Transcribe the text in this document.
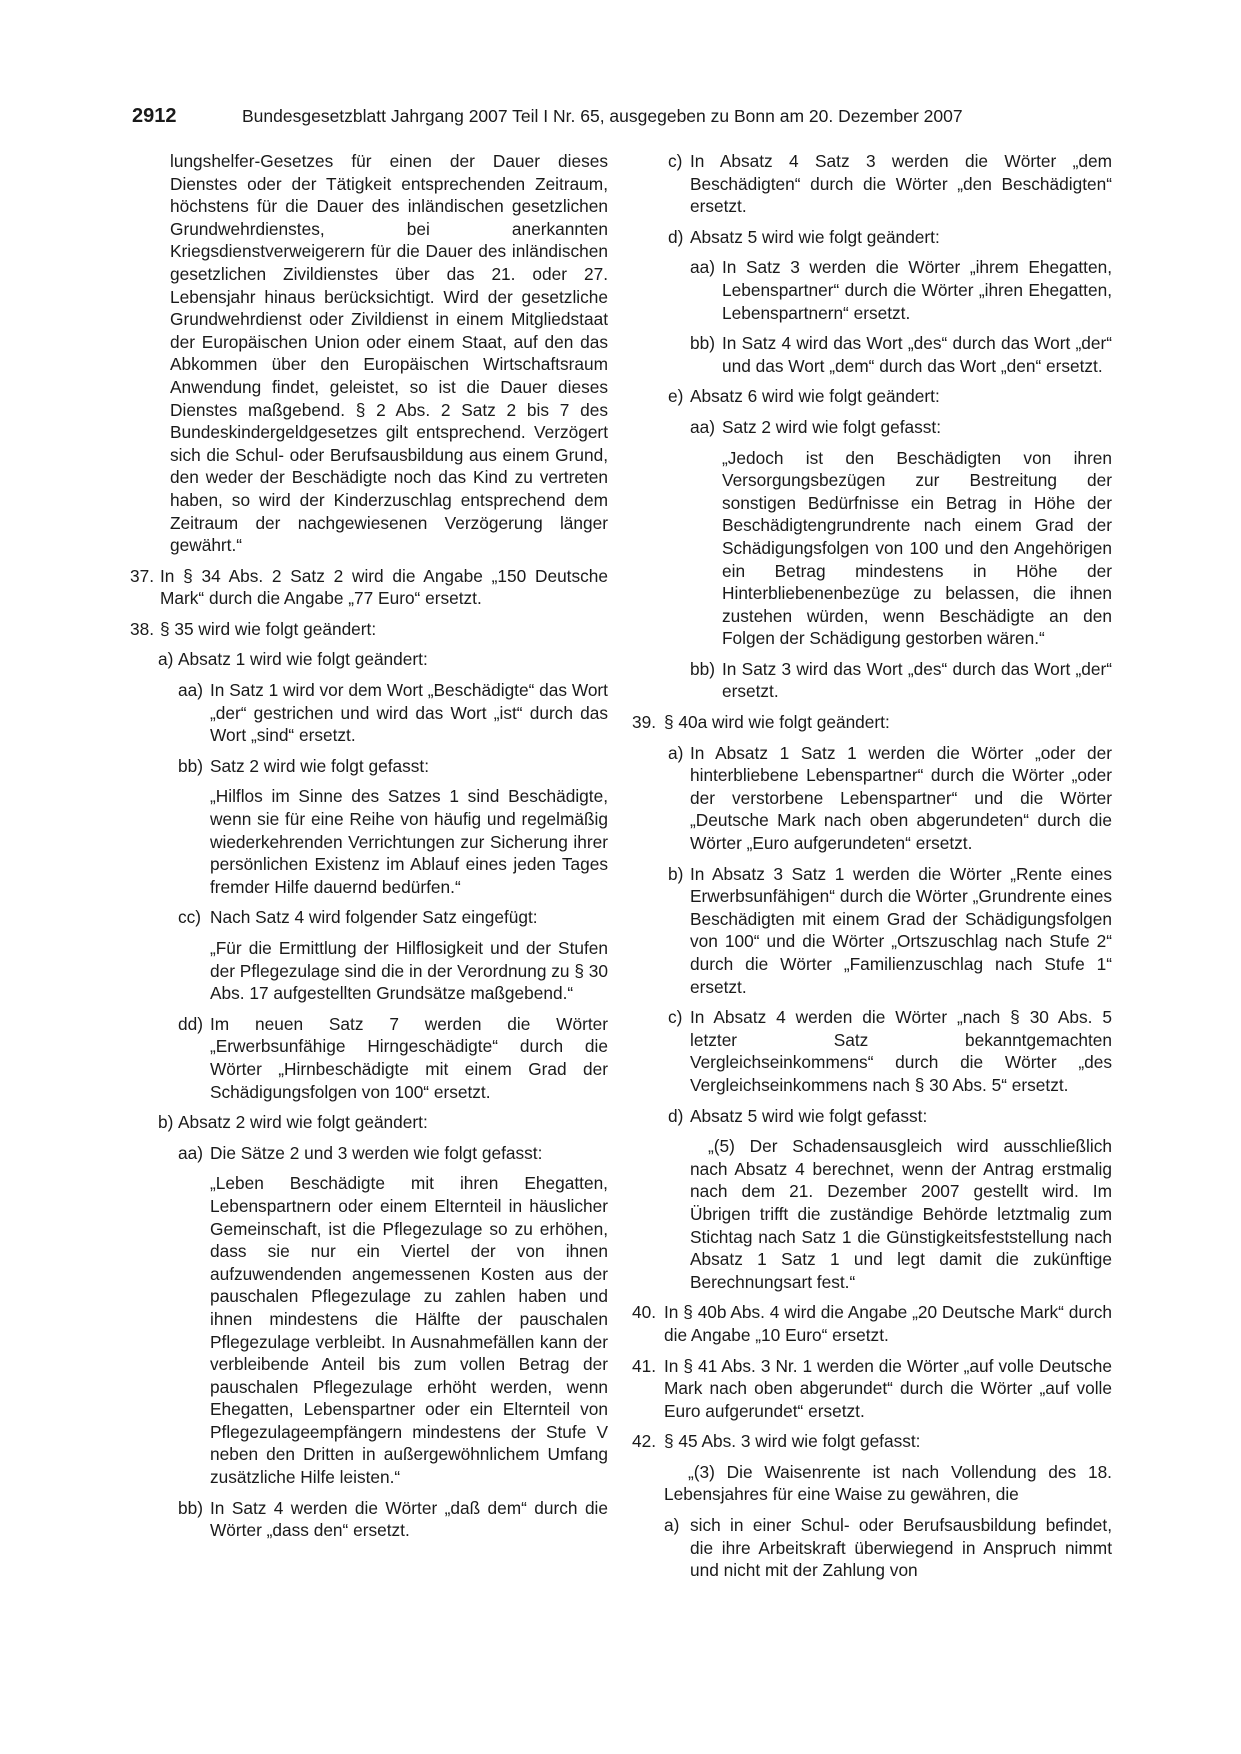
2912	Bundesgesetzblatt Jahrgang 2007 Teil I Nr. 65, ausgegeben zu Bonn am 20. Dezember 2007
lungshelfer-Gesetzes für einen der Dauer dieses Dienstes oder der Tätigkeit entsprechenden Zeitraum, höchstens für die Dauer des inländischen gesetzlichen Grundwehrdienstes, bei anerkannten Kriegsdienstverweigerern für die Dauer des inländischen gesetzlichen Zivildienstes über das 21. oder 27. Lebensjahr hinaus berücksichtigt. Wird der gesetzliche Grundwehrdienst oder Zivildienst in einem Mitgliedstaat der Europäischen Union oder einem Staat, auf den das Abkommen über den Europäischen Wirtschaftsraum Anwendung findet, geleistet, so ist die Dauer dieses Dienstes maßgebend. § 2 Abs. 2 Satz 2 bis 7 des Bundeskindergeldgesetzes gilt entsprechend. Verzögert sich die Schul- oder Berufsausbildung aus einem Grund, den weder der Beschädigte noch das Kind zu vertreten haben, so wird der Kinderzuschlag entsprechend dem Zeitraum der nachgewiesenen Verzögerung länger gewährt.“
37. In § 34 Abs. 2 Satz 2 wird die Angabe „150 Deutsche Mark“ durch die Angabe „77 Euro“ ersetzt.
38. § 35 wird wie folgt geändert:
a) Absatz 1 wird wie folgt geändert:
aa) In Satz 1 wird vor dem Wort „Beschädigte“ das Wort „der“ gestrichen und wird das Wort „ist“ durch das Wort „sind“ ersetzt.
bb) Satz 2 wird wie folgt gefasst:
„Hilflos im Sinne des Satzes 1 sind Beschädigte, wenn sie für eine Reihe von häufig und regelmäßig wiederkehrenden Verrichtungen zur Sicherung ihrer persönlichen Existenz im Ablauf eines jeden Tages fremder Hilfe dauernd bedürfen.“
cc) Nach Satz 4 wird folgender Satz eingefügt:
„Für die Ermittlung der Hilflosigkeit und der Stufen der Pflegezulage sind die in der Verordnung zu § 30 Abs. 17 aufgestellten Grundsätze maßgebend.“
dd) Im neuen Satz 7 werden die Wörter „Erwerbsunfähige Hirngeschädigte“ durch die Wörter „Hirnbeschädigte mit einem Grad der Schädigungsfolgen von 100“ ersetzt.
b) Absatz 2 wird wie folgt geändert:
aa) Die Sätze 2 und 3 werden wie folgt gefasst:
„Leben Beschädigte mit ihren Ehegatten, Lebenspartnern oder einem Elternteil in häuslicher Gemeinschaft, ist die Pflegezulage so zu erhöhen, dass sie nur ein Viertel der von ihnen aufzuwendenden angemessenen Kosten aus der pauschalen Pflegezulage zu zahlen haben und ihnen mindestens die Hälfte der pauschalen Pflegezulage verbleibt. In Ausnahmefällen kann der verbleibende Anteil bis zum vollen Betrag der pauschalen Pflegezulage erhöht werden, wenn Ehegatten, Lebenspartner oder ein Elternteil von Pflegezulageempfängern mindestens der Stufe V neben den Dritten in außergewöhnlichem Umfang zusätzliche Hilfe leisten.“
bb) In Satz 4 werden die Wörter „daß dem“ durch die Wörter „dass den“ ersetzt.
c) In Absatz 4 Satz 3 werden die Wörter „dem Beschädigten“ durch die Wörter „den Beschädigten“ ersetzt.
d) Absatz 5 wird wie folgt geändert:
aa) In Satz 3 werden die Wörter „ihrem Ehegatten, Lebenspartner“ durch die Wörter „ihren Ehegatten, Lebenspartnern“ ersetzt.
bb) In Satz 4 wird das Wort „des“ durch das Wort „der“ und das Wort „dem“ durch das Wort „den“ ersetzt.
e) Absatz 6 wird wie folgt geändert:
aa) Satz 2 wird wie folgt gefasst:
„Jedoch ist den Beschädigten von ihren Versorgungsbezügen zur Bestreitung der sonstigen Bedürfnisse ein Betrag in Höhe der Beschädigtengrundrente nach einem Grad der Schädigungsfolgen von 100 und den Angehörigen ein Betrag mindestens in Höhe der Hinterbliebenenbezüge zu belassen, die ihnen zustehen würden, wenn Beschädigte an den Folgen der Schädigung gestorben wären.“
bb) In Satz 3 wird das Wort „des“ durch das Wort „der“ ersetzt.
39. § 40a wird wie folgt geändert:
a) In Absatz 1 Satz 1 werden die Wörter „oder der hinterbliebene Lebenspartner“ durch die Wörter „oder der verstorbene Lebenspartner“ und die Wörter „Deutsche Mark nach oben abgerundeten“ durch die Wörter „Euro aufgerundeten“ ersetzt.
b) In Absatz 3 Satz 1 werden die Wörter „Rente eines Erwerbsunfähigen“ durch die Wörter „Grundrente eines Beschädigten mit einem Grad der Schädigungsfolgen von 100“ und die Wörter „Ortszuschlag nach Stufe 2“ durch die Wörter „Familienzuschlag nach Stufe 1“ ersetzt.
c) In Absatz 4 werden die Wörter „nach § 30 Abs. 5 letzter Satz bekanntgemachten Vergleichseinkommens“ durch die Wörter „des Vergleichseinkommens nach § 30 Abs. 5“ ersetzt.
d) Absatz 5 wird wie folgt gefasst:
„(5) Der Schadensausgleich wird ausschließlich nach Absatz 4 berechnet, wenn der Antrag erstmalig nach dem 21. Dezember 2007 gestellt wird. Im Übrigen trifft die zuständige Behörde letztmalig zum Stichtag nach Satz 1 die Günstigkeitsfeststellung nach Absatz 1 Satz 1 und legt damit die zukünftige Berechnungsart fest.“
40. In § 40b Abs. 4 wird die Angabe „20 Deutsche Mark“ durch die Angabe „10 Euro“ ersetzt.
41. In § 41 Abs. 3 Nr. 1 werden die Wörter „auf volle Deutsche Mark nach oben abgerundet“ durch die Wörter „auf volle Euro aufgerundet“ ersetzt.
42. § 45 Abs. 3 wird wie folgt gefasst:
„(3) Die Waisenrente ist nach Vollendung des 18. Lebensjahres für eine Waise zu gewähren, die
a) sich in einer Schul- oder Berufsausbildung befindet, die ihre Arbeitskraft überwiegend in Anspruch nimmt und nicht mit der Zahlung von
